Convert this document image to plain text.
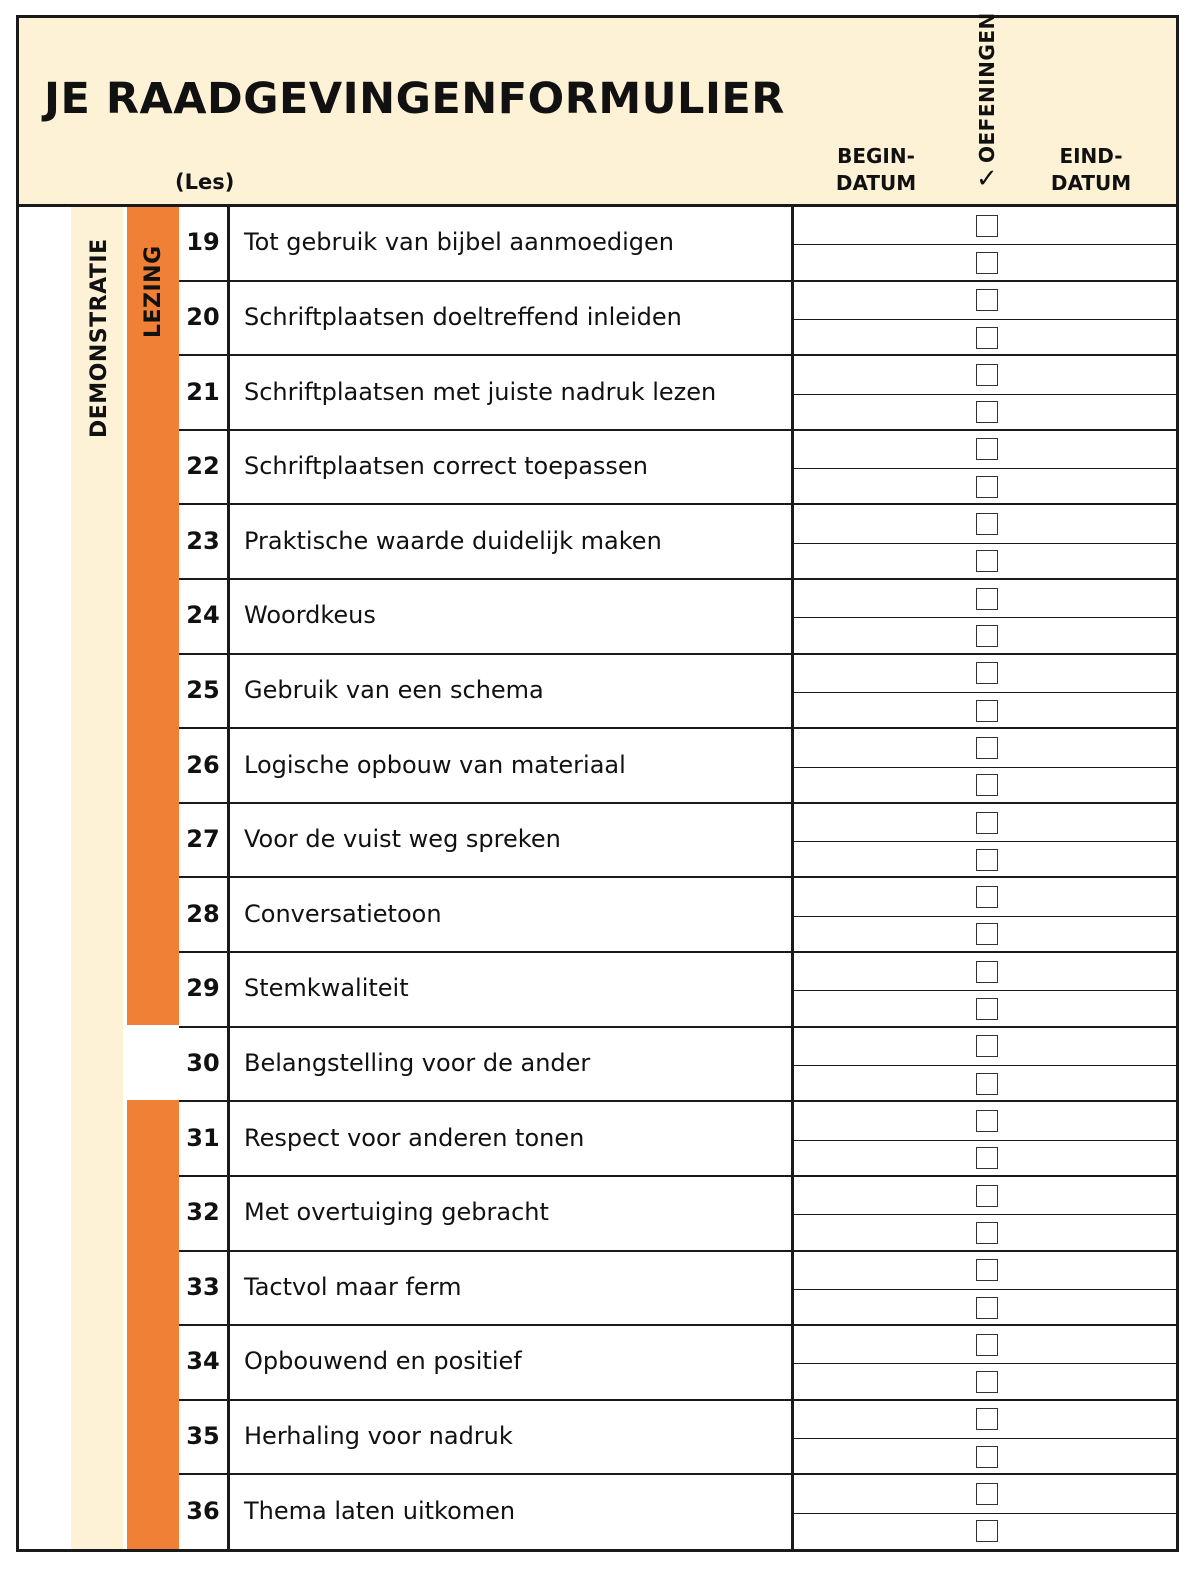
JE RAADGEVINGENFORMULIER
(Les)
BEGIN-
DATUM
OEFENINGEN
✓
EIND-
DATUM
DEMONSTRATIE LEZING
19 Tot gebruik van bijbel aanmoedigen
20 Schriftplaatsen doeltreffend inleiden
21 Schriftplaatsen met juiste nadruk lezen
22 Schriftplaatsen correct toepassen
23 Praktische waarde duidelijk maken
24 Woordkeus
25 Gebruik van een schema
26 Logische opbouw van materiaal
27 Voor de vuist weg spreken
28 Conversatietoon
29 Stemkwaliteit
30 Belangstelling voor de ander
31 Respect voor anderen tonen
32 Met overtuiging gebracht
33 Tactvol maar ferm
34 Opbouwend en positief
35 Herhaling voor nadruk
36 Thema laten uitkomen
